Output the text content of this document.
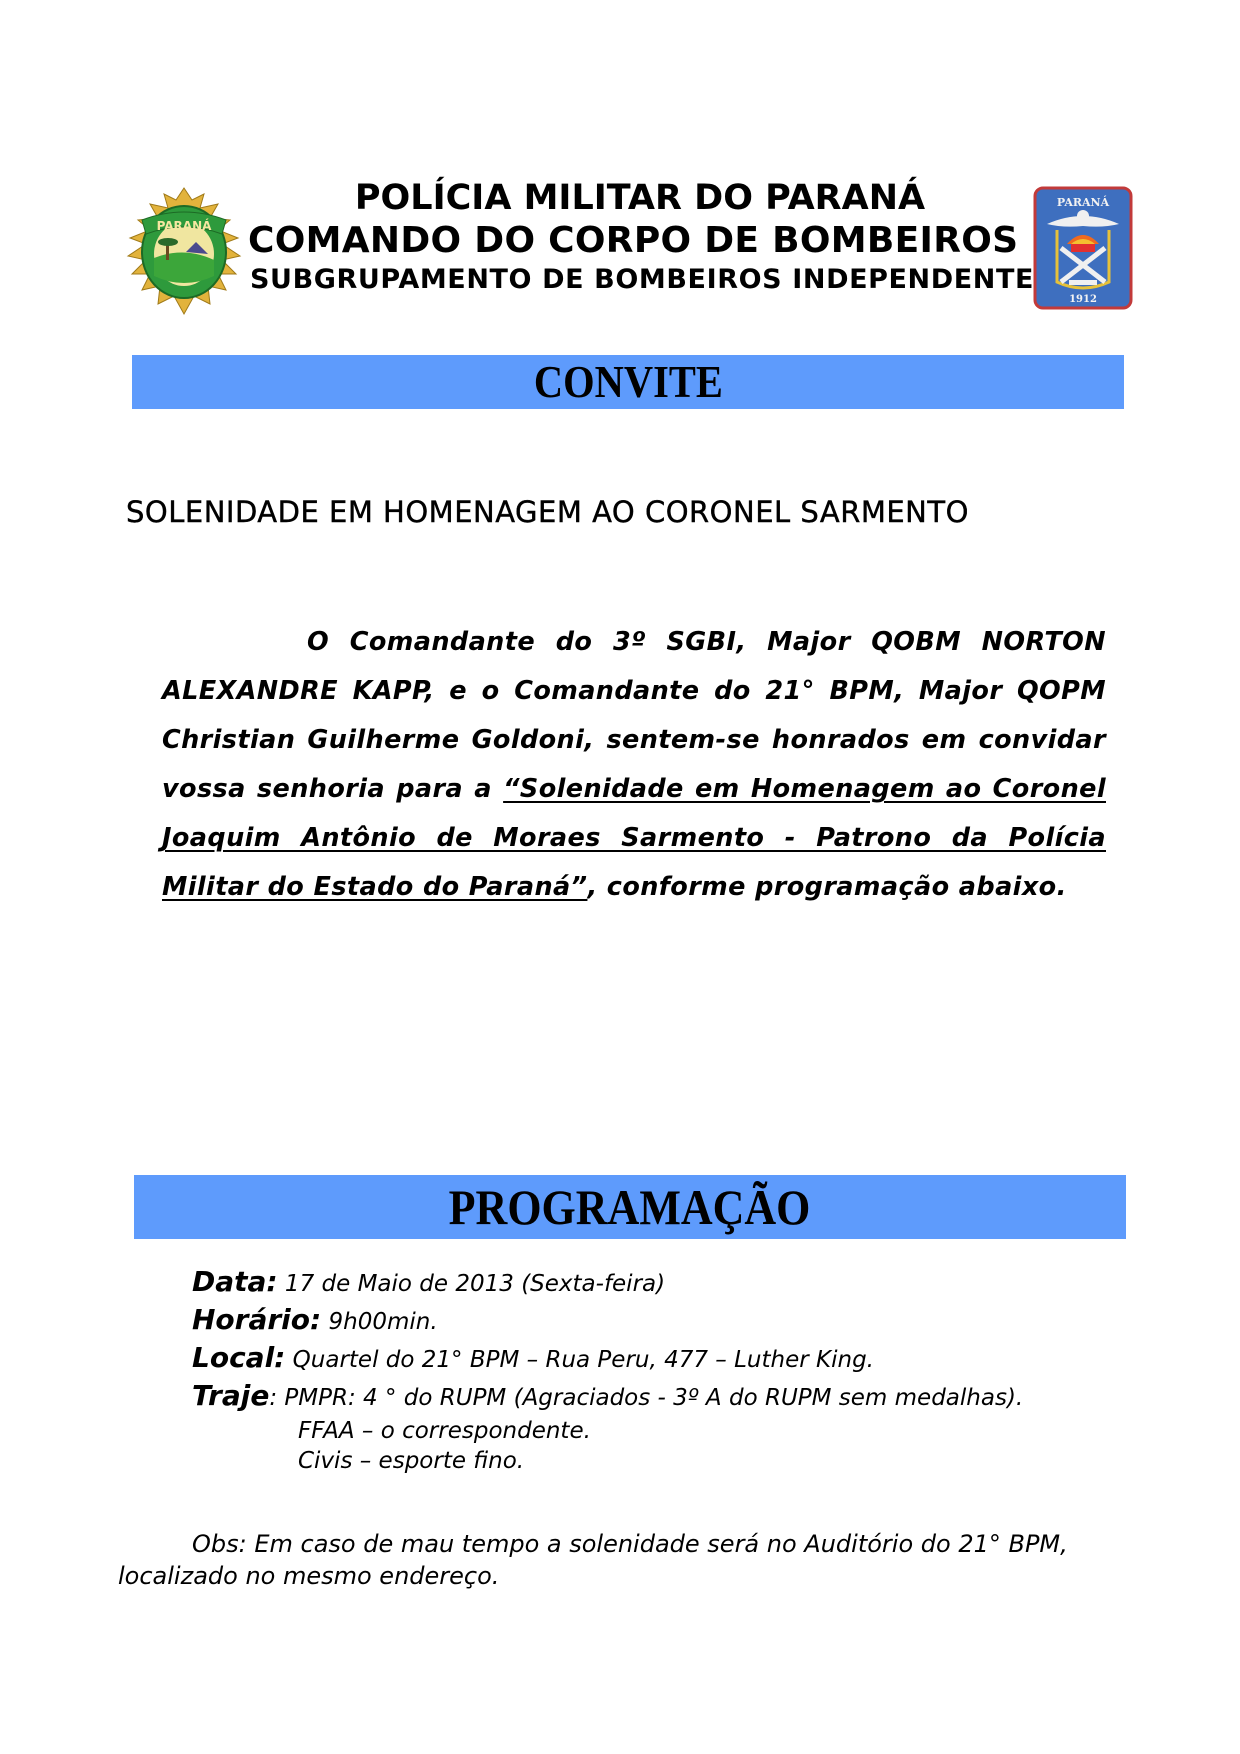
PARANÁ
PARANÁ
1912
POLÍCIA MILITAR DO PARANÁ
COMANDO DO CORPO DE BOMBEIROS
SUBGRUPAMENTO DE BOMBEIROS INDEPENDENTE
CONVITE
SOLENIDADE EM HOMENAGEM AO CORONEL SARMENTO
O Comandante do 3º SGBI, Major QOBM NORTON ALEXANDRE KAPP, e o Comandante do 21° BPM, Major QOPM Christian Guilherme Goldoni, sentem-se honrados em convidar vossa senhoria para a “Solenidade em Homenagem ao Coronel Joaquim Antônio de Moraes Sarmento - Patrono da Polícia Militar do Estado do Paraná”, conforme programação abaixo.
PROGRAMAÇÃO
Data: 17 de Maio de 2013 (Sexta-feira)
Horário: 9h00min.
Local: Quartel do 21° BPM – Rua Peru, 477 – Luther King.
Traje: PMPR: 4 ° do RUPM (Agraciados - 3º A do RUPM sem medalhas).
FFAA – o correspondente.
Civis – esporte fino.
Obs: Em caso de mau tempo a solenidade será no Auditório do 21° BPM, localizado no mesmo endereço.
